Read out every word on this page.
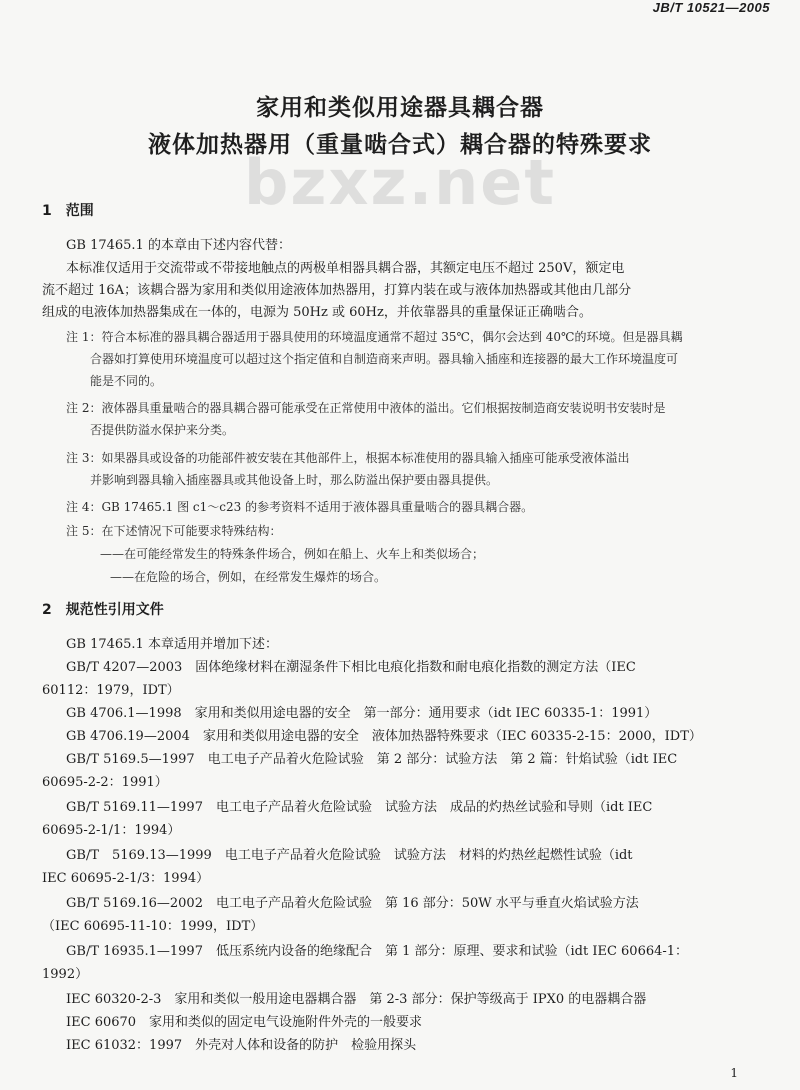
JB/T 10521—2005
家用和类似用途器具耦合器
液体加热器用（重量啮合式）耦合器的特殊要求
bzxz.net
1　范围
GB 17465.1 的本章由下述内容代替：
本标准仅适用于交流带或不带接地触点的两极单相器具耦合器，其额定电压不超过 250V，额定电
流不超过 16A；该耦合器为家用和类似用途液体加热器用，打算内装在或与液体加热器或其他由几部分
组成的电液体加热器集成在一体的，电源为 50Hz 或 60Hz，并依靠器具的重量保证正确啮合。
注 1：符合本标准的器具耦合器适用于器具使用的环境温度通常不超过 35℃，偶尔会达到 40℃的环境。但是器具耦
合器如打算使用环境温度可以超过这个指定值和自制造商来声明。器具输入插座和连接器的最大工作环境温度可
能是不同的。
注 2：液体器具重量啮合的器具耦合器可能承受在正常使用中液体的溢出。它们根据按制造商安装说明书安装时是
否提供防溢水保护来分类。
注 3：如果器具或设备的功能部件被安装在其他部件上，根据本标准使用的器具输入插座可能承受液体溢出
并影响到器具输入插座器具或其他设备上时，那么防溢出保护要由器具提供。
注 4：GB 17465.1 图 c1～c23 的参考资料不适用于液体器具重量啮合的器具耦合器。
注 5：在下述情况下可能要求特殊结构：
——在可能经常发生的特殊条件场合，例如在船上、火车上和类似场合；
——在危险的场合，例如，在经常发生爆炸的场合。
2　规范性引用文件
GB 17465.1 本章适用并增加下述：
GB/T 4207—2003　固体绝缘材料在潮湿条件下相比电痕化指数和耐电痕化指数的测定方法（IEC
60112：1979，IDT）
GB 4706.1—1998　家用和类似用途电器的安全　第一部分：通用要求（idt IEC 60335-1：1991）
GB 4706.19—2004　家用和类似用途电器的安全　液体加热器特殊要求（IEC 60335-2-15：2000，IDT）
GB/T 5169.5—1997　电工电子产品着火危险试验　第 2 部分：试验方法　第 2 篇：针焰试验（idt IEC
60695-2-2：1991）
GB/T 5169.11—1997　电工电子产品着火危险试验　试验方法　成品的灼热丝试验和导则（idt IEC
60695-2-1/1：1994）
GB/T　5169.13—1999　电工电子产品着火危险试验　试验方法　材料的灼热丝起燃性试验（idt
IEC 60695-2-1/3：1994）
GB/T 5169.16—2002　电工电子产品着火危险试验　第 16 部分：50W 水平与垂直火焰试验方法
（IEC 60695-11-10：1999，IDT）
GB/T 16935.1—1997　低压系统内设备的绝缘配合　第 1 部分：原理、要求和试验（idt IEC 60664-1：
1992）
IEC 60320-2-3　家用和类似一般用途电器耦合器　第 2-3 部分：保护等级高于 IPX0 的电器耦合器
IEC 60670　家用和类似的固定电气设施附件外壳的一般要求
IEC 61032：1997　外壳对人体和设备的防护　检验用探头
1
